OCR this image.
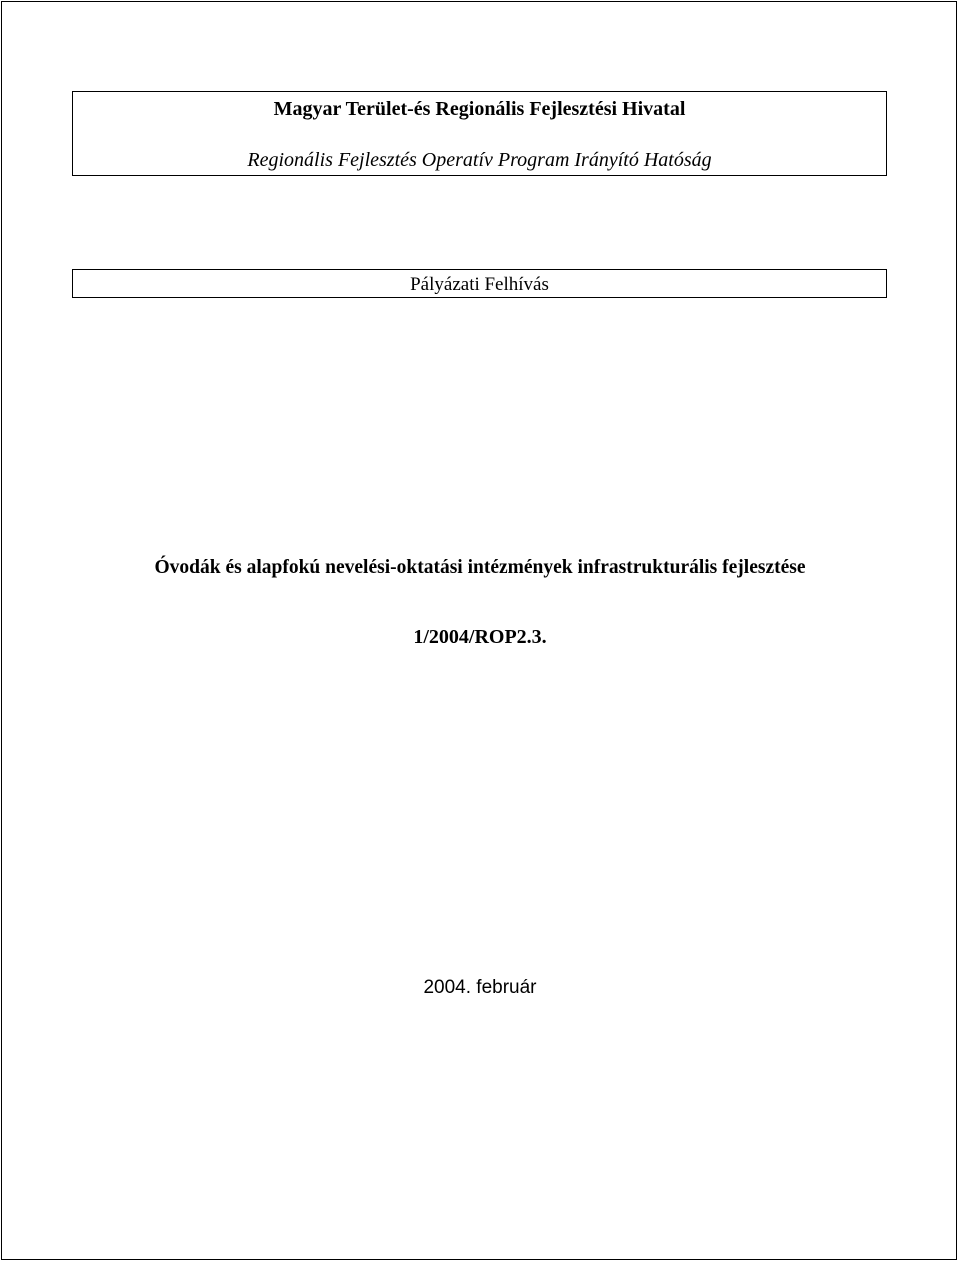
Magyar Terület-és Regionális Fejlesztési Hivatal
Regionális Fejlesztés Operatív Program Irányító Hatóság
Pályázati Felhívás
Óvodák és alapfokú nevelési-oktatási intézmények infrastrukturális fejlesztése
1/2004/ROP2.3.
2004. február
